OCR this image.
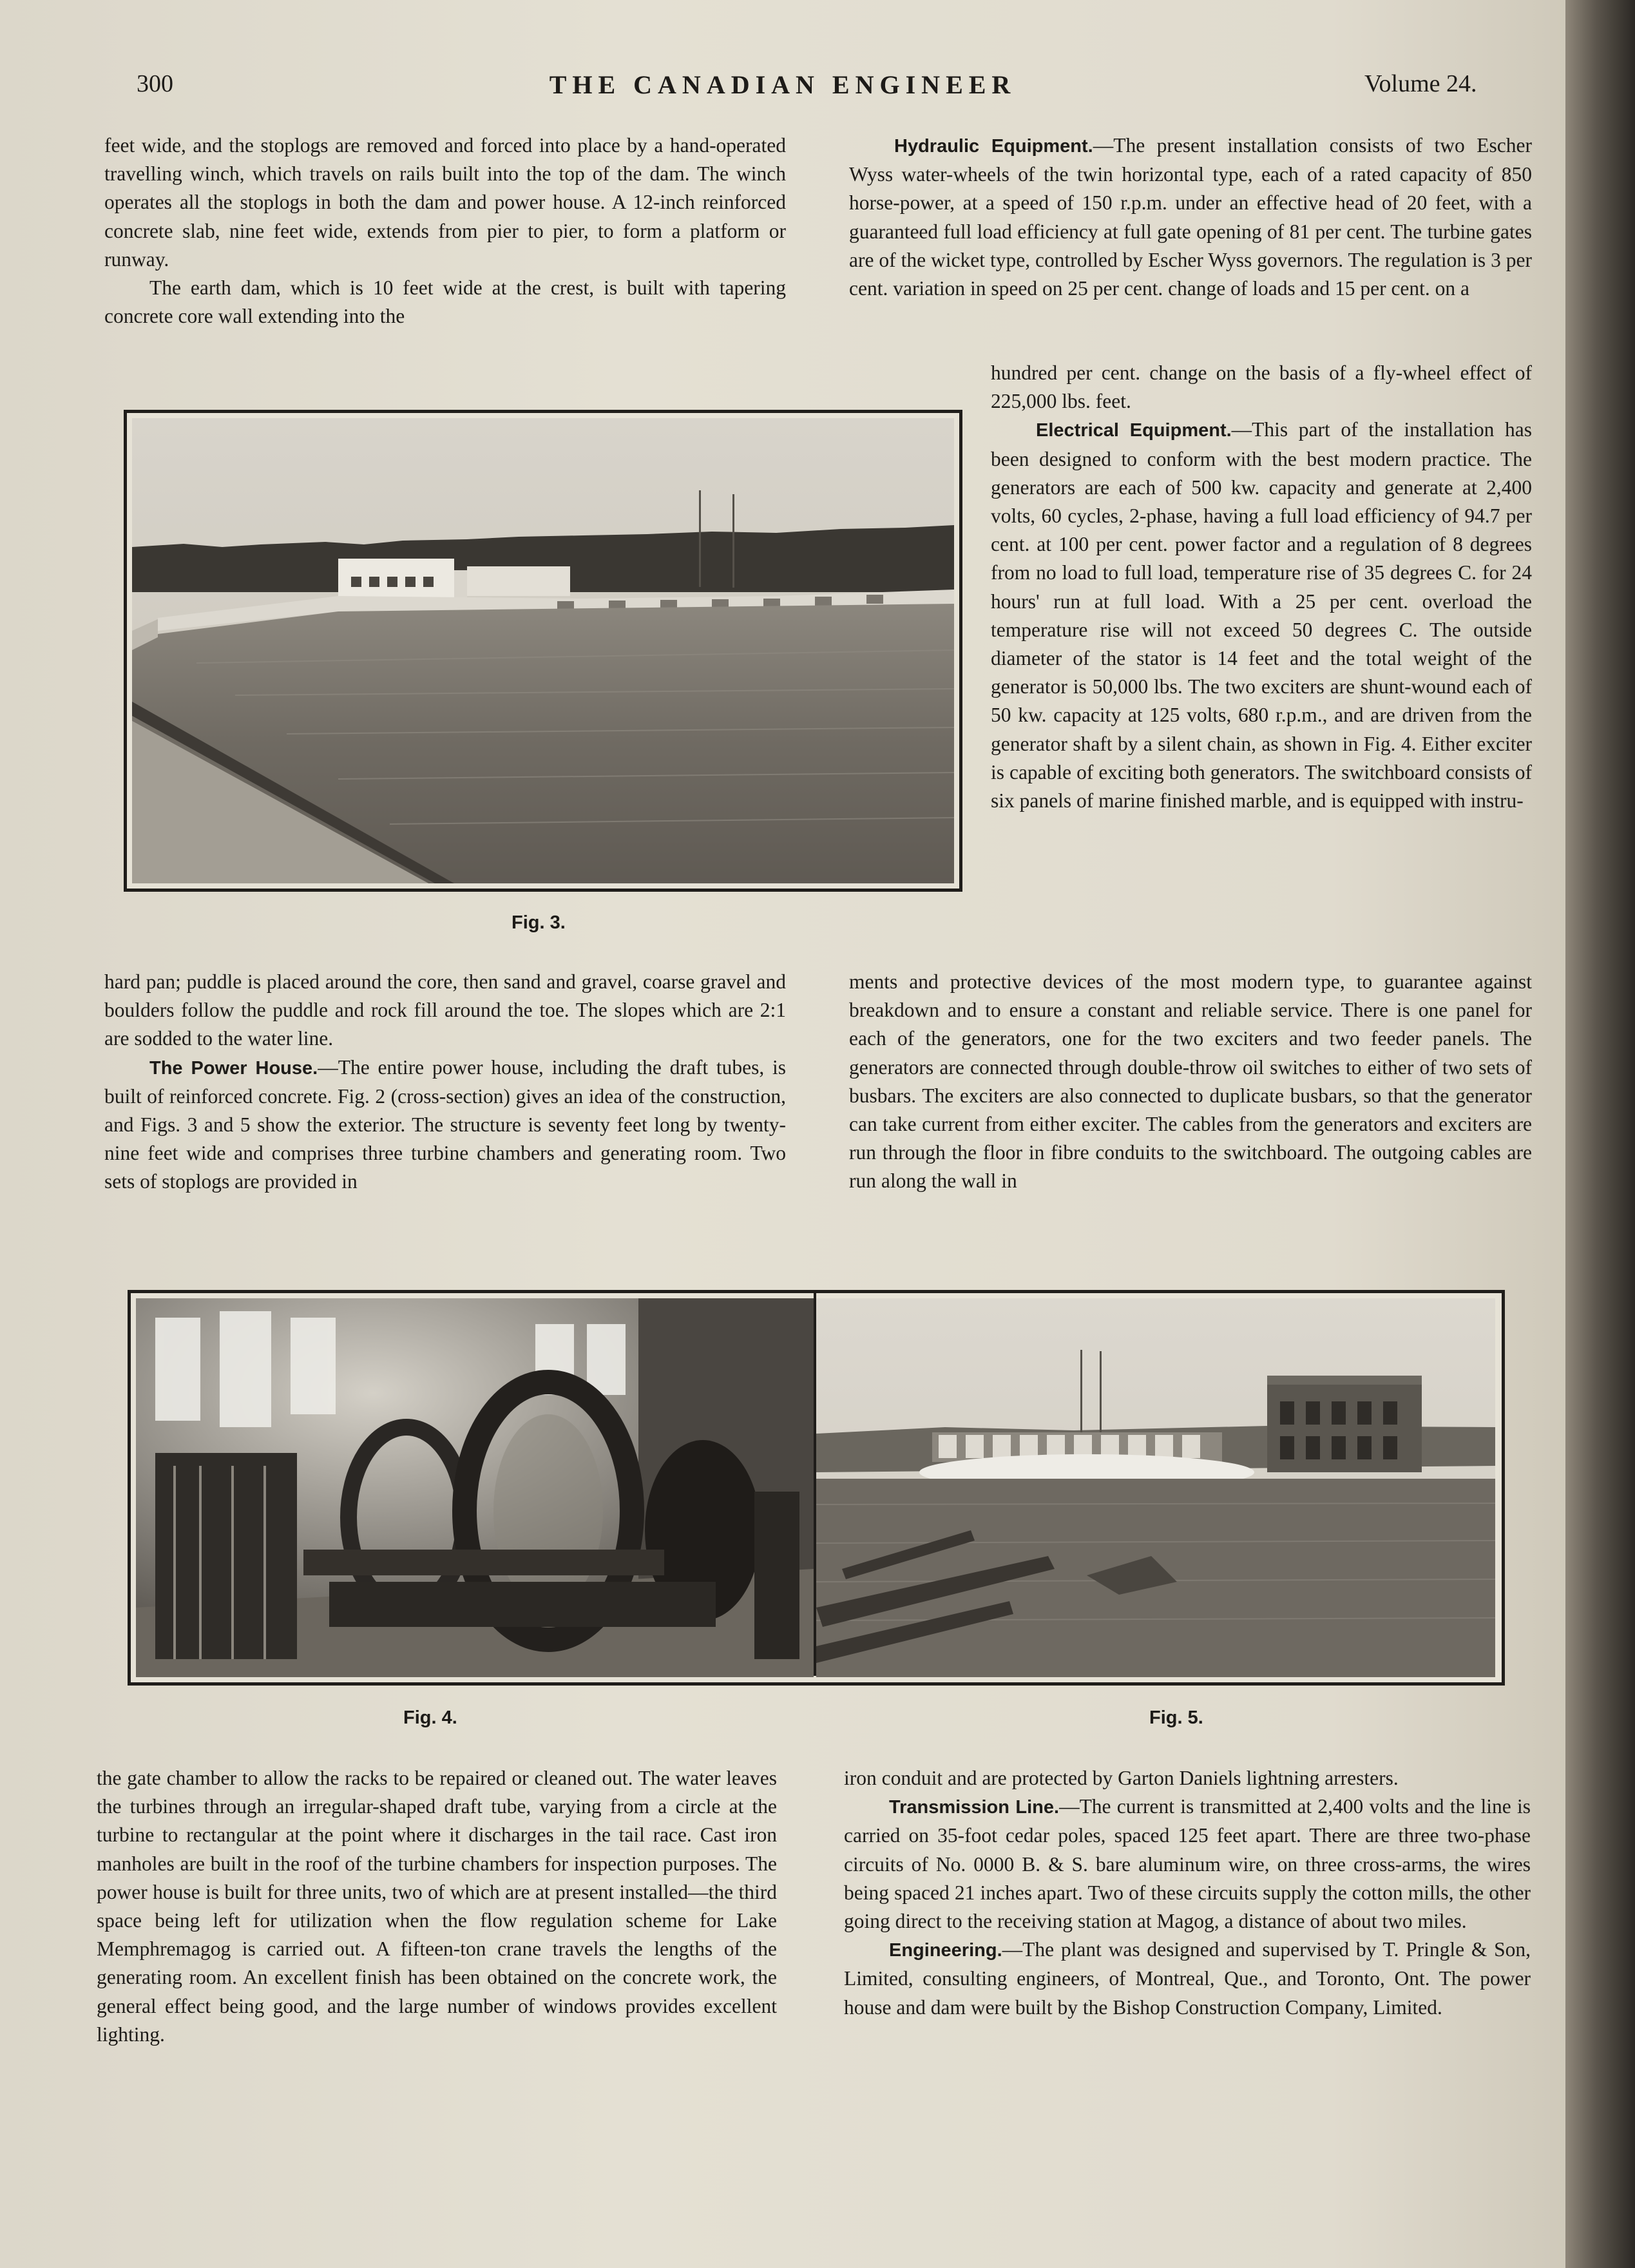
300	THE CANADIAN ENGINEER	Volume 24.

feet wide, and the stoplogs are removed and forced into place by a hand-operated travelling winch, which travels on rails built into the top of the dam. The winch operates all the stoplogs in both the dam and power house. A 12-inch reinforced concrete slab, nine feet wide, extends from pier to pier, to form a platform or runway.

The earth dam, which is 10 feet wide at the crest, is built with tapering concrete core wall extending into the

Fig. 3.

hard pan; puddle is placed around the core, then sand and gravel, coarse gravel and boulders follow the puddle and rock fill around the toe. The slopes which are 2:1 are sodded to the water line.

The Power House.—The entire power house, including the draft tubes, is built of reinforced concrete. Fig. 2 (cross-section) gives an idea of the construction, and Figs. 3 and 5 show the exterior. The structure is seventy feet long by twenty-nine feet wide and comprises three turbine chambers and generating room. Two sets of stoplogs are provided in

Hydraulic Equipment.—The present installation consists of two Escher Wyss water-wheels of the twin horizontal type, each of a rated capacity of 850 horse-power, at a speed of 150 r.p.m. under an effective head of 20 feet, with a guaranteed full load efficiency at full gate opening of 81 per cent. The turbine gates are of the wicket type, controlled by Escher Wyss governors. The regulation is 3 per cent. variation in speed on 25 per cent. change of loads and 15 per cent. on a

hundred per cent. change on the basis of a fly-wheel effect of 225,000 lbs. feet.

Electrical Equipment.—This part of the installation has been designed to conform with the best modern practice. The generators are each of 500 kw. capacity and generate at 2,400 volts, 60 cycles, 2-phase, having a full load efficiency of 94.7 per cent. at 100 per cent. power factor and a regulation of 8 degrees from no load to full load, temperature rise of 35 degrees C. for 24 hours' run at full load. With a 25 per cent. overload the temperature rise will not exceed 50 degrees C. The outside diameter of the stator is 14 feet and the total weight of the generator is 50,000 lbs. The two exciters are shunt-wound each of 50 kw. capacity at 125 volts, 680 r.p.m., and are driven from the generator shaft by a silent chain, as shown in Fig. 4. Either exciter is capable of exciting both generators. The switchboard consists of six panels of marine finished marble, and is equipped with instru-

ments and protective devices of the most modern type, to guarantee against breakdown and to ensure a constant and reliable service. There is one panel for each of the generators, one for the two exciters and two feeder panels. The generators are connected through double-throw oil switches to either of two sets of busbars. The exciters are also connected to duplicate busbars, so that the generator can take current from either exciter. The cables from the generators and exciters are run through the floor in fibre conduits to the switchboard. The outgoing cables are run along the wall in

Fig. 4.	Fig. 5.

the gate chamber to allow the racks to be repaired or cleaned out. The water leaves the turbines through an irregular-shaped draft tube, varying from a circle at the turbine to rectangular at the point where it discharges in the tail race. Cast iron manholes are built in the roof of the turbine chambers for inspection purposes. The power house is built for three units, two of which are at present installed—the third space being left for utilization when the flow regulation scheme for Lake Memphremagog is carried out. A fifteen-ton crane travels the lengths of the generating room. An excellent finish has been obtained on the concrete work, the general effect being good, and the large number of windows provides excellent lighting.

iron conduit and are protected by Garton Daniels lightning arresters.

Transmission Line.—The current is transmitted at 2,400 volts and the line is carried on 35-foot cedar poles, spaced 125 feet apart. There are three two-phase circuits of No. 0000 B. & S. bare aluminum wire, on three cross-arms, the wires being spaced 21 inches apart. Two of these circuits supply the cotton mills, the other going direct to the receiving station at Magog, a distance of about two miles.

Engineering.—The plant was designed and supervised by T. Pringle & Son, Limited, consulting engineers, of Montreal, Que., and Toronto, Ont. The power house and dam were built by the Bishop Construction Company, Limited.
